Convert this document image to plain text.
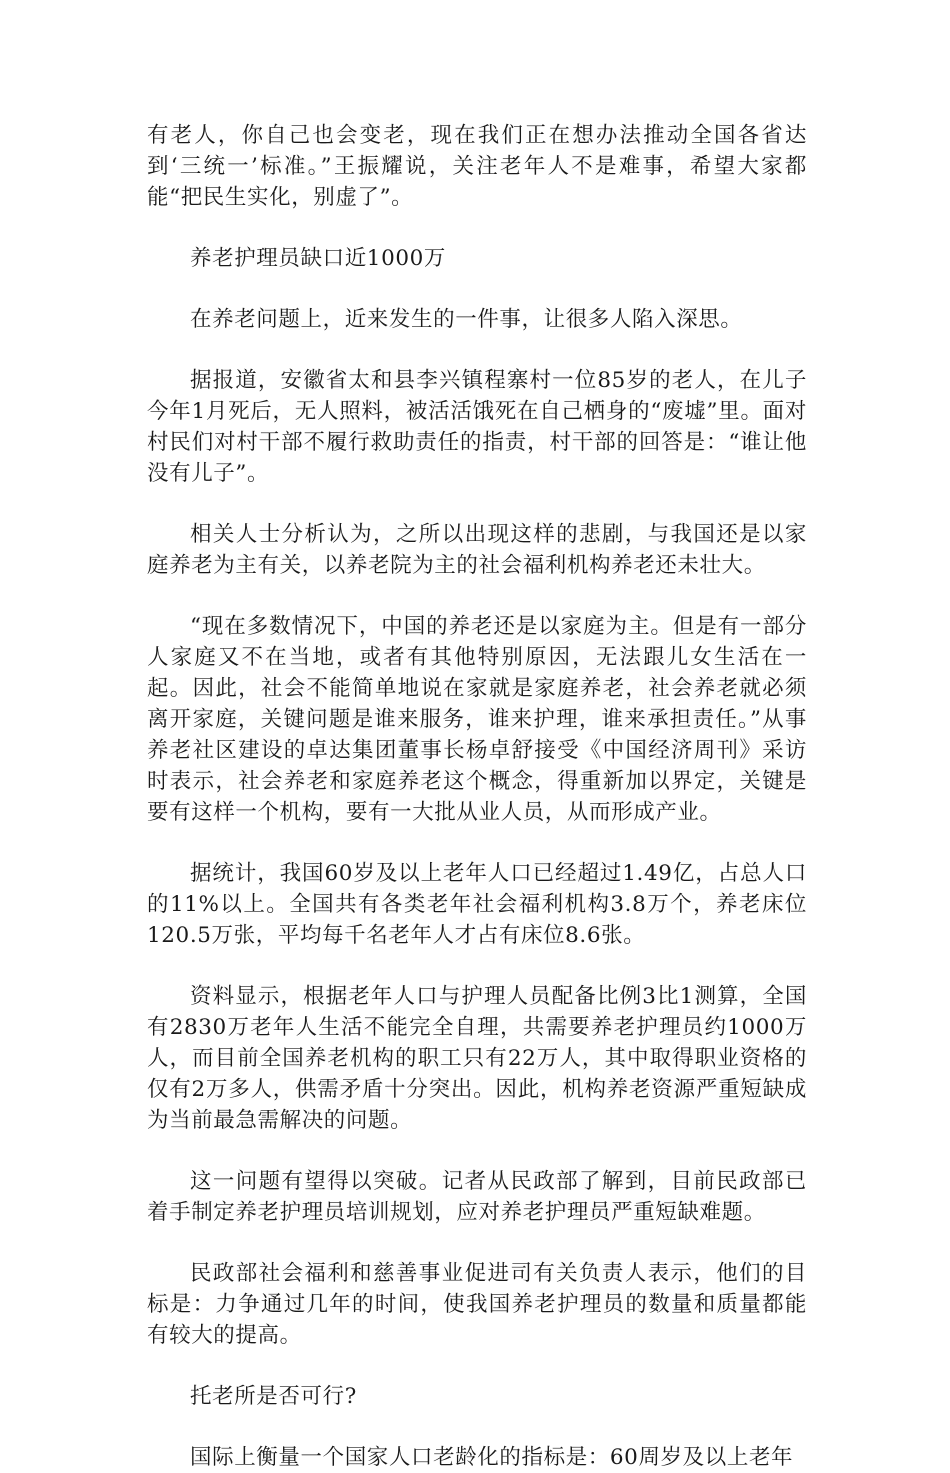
有老人，你自己也会变老，现在我们正在想办法推动全国各省达到‘三统一’标准。”王振耀说，关注老年人不是难事，希望大家都能“把民生实化，别虚了”。

养老护理员缺口近1000万

在养老问题上，近来发生的一件事，让很多人陷入深思。

据报道，安徽省太和县李兴镇程寨村一位85岁的老人，在儿子今年1月死后，无人照料，被活活饿死在自己栖身的“废墟”里。面对村民们对村干部不履行救助责任的指责，村干部的回答是：“谁让他没有儿子”。

相关人士分析认为，之所以出现这样的悲剧，与我国还是以家庭养老为主有关，以养老院为主的社会福利机构养老还未壮大。

“现在多数情况下，中国的养老还是以家庭为主。但是有一部分人家庭又不在当地，或者有其他特别原因，无法跟儿女生活在一起。因此，社会不能简单地说在家就是家庭养老，社会养老就必须离开家庭，关键问题是谁来服务，谁来护理，谁来承担责任。”从事养老社区建设的卓达集团董事长杨卓舒接受《中国经济周刊》采访时表示，社会养老和家庭养老这个概念，得重新加以界定，关键是要有这样一个机构，要有一大批从业人员，从而形成产业。

据统计，我国60岁及以上老年人口已经超过1.49亿，占总人口的11%以上。全国共有各类老年社会福利机构3.8万个，养老床位120.5万张，平均每千名老年人才占有床位8.6张。

资料显示，根据老年人口与护理人员配备比例3比1测算，全国有2830万老年人生活不能完全自理，共需要养老护理员约1000万人，而目前全国养老机构的职工只有22万人，其中取得职业资格的仅有2万多人，供需矛盾十分突出。因此，机构养老资源严重短缺成为当前最急需解决的问题。

这一问题有望得以突破。记者从民政部了解到，目前民政部已着手制定养老护理员培训规划，应对养老护理员严重短缺难题。

民政部社会福利和慈善事业促进司有关负责人表示，他们的目标是：力争通过几年的时间，使我国养老护理员的数量和质量都能有较大的提高。

托老所是否可行?

国际上衡量一个国家人口老龄化的指标是：60周岁及以上老年
